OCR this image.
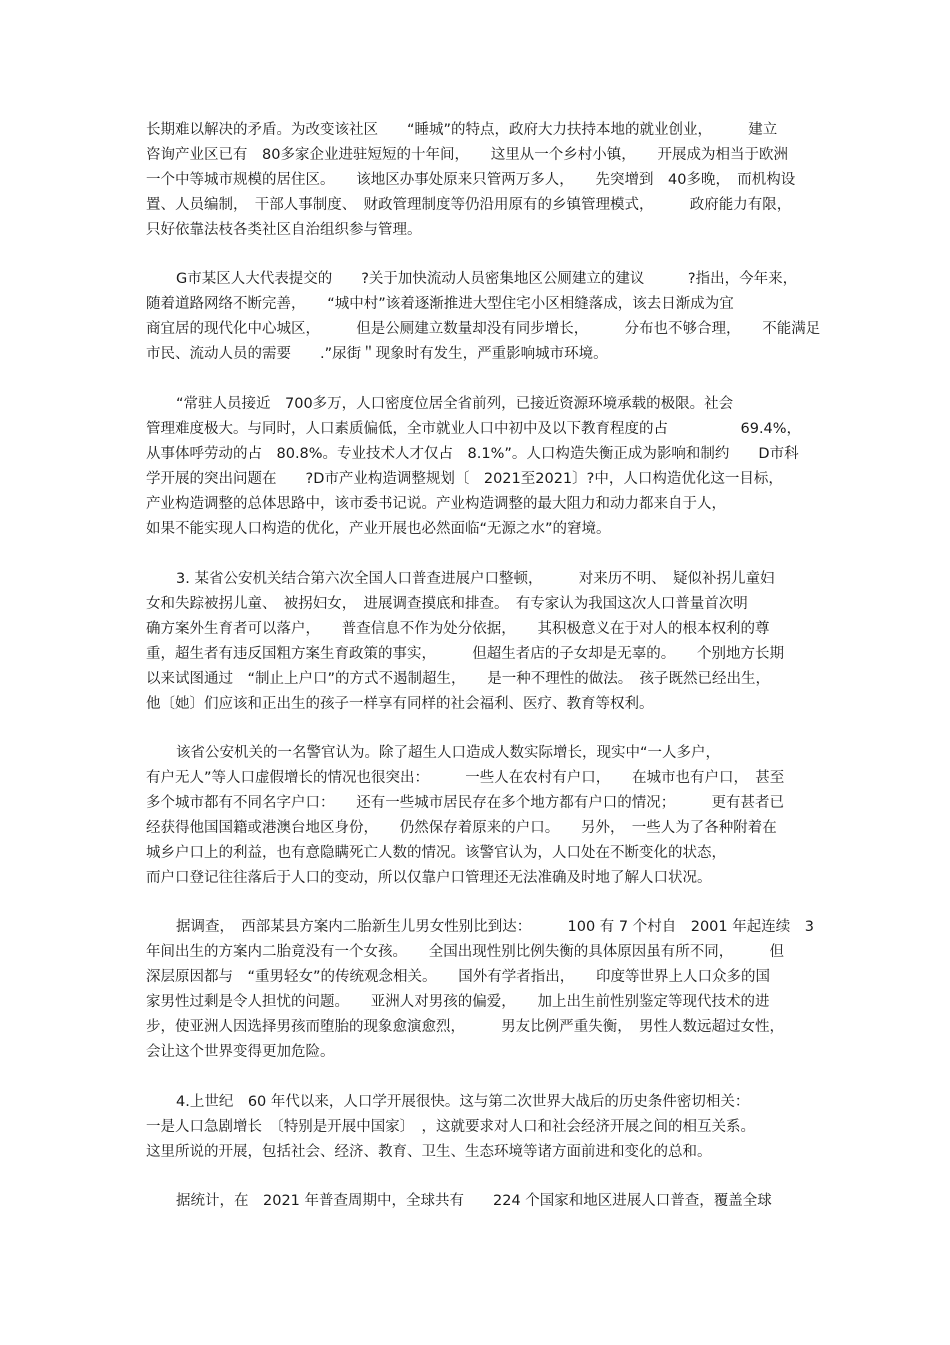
长期难以解决的矛盾。为改变该社区　　“睡城”的特点，政府大力扶持本地的就业创业，　　　建立
咨询产业区已有　80多家企业进驻短短的十年间，　　这里从一个乡村小镇，　　开展成为相当于欧洲
一个中等城市规模的居住区。　　该地区办事处原来只管两万多人，　　先突增到　40多晚，　而机构设
置、人员编制，　干部人事制度、　财政管理制度等仍沿用原有的乡镇管理模式，　　　政府能力有限，
只好依靠法枝各类社区自治组织参与管理。
G市某区人大代表提交的　　?关于加快流动人员密集地区公厕建立的建议　　　?指出，今年来，
随着道路网络不断完善，　　“城中村”该着逐渐推进大型住宅小区相缝落成，该去日渐成为宜
商宜居的现代化中心城区，　　　但是公厕建立数量却没有同步增长，　　　分布也不够合理，　　不能满足
市民、流动人员的需要　　.”尿街＂现象时有发生，严重影响城市环境。
“常驻人员接近　700多万，人口密度位居全省前列，已接近资源环境承载的极限。社会
管理难度极大。与同时，人口素质偏低，全市就业人口中初中及以下教育程度的占　　　　　69.4%，
从事体呼劳动的占　80.8%。专业技术人才仅占　8.1%”。人口构造失衡正成为影响和制约　　D市科
学开展的突出问题在　　?D市产业构造调整规划〔　2021至2021〕?中，人口构造优化这一目标，
产业构造调整的总体思路中，该市委书记说。产业构造调整的最大阻力和动力都来自于人，
如果不能实现人口构造的优化，产业开展也必然面临“无源之水”的窘境。
3. 某省公安机关结合第六次全国人口普查进展户口整顿，　　　对来历不明、　疑似补拐儿童妇
女和失踪被拐儿童、　被拐妇女，　进展调查摸底和排查。　有专家认为我国这次人口普量首次明
确方案外生育者可以落户，　　普查信息不作为处分依据，　　其积极意义在于对人的根本权利的尊
重，超生者有违反国粗方案生育政策的事实，　　　但超生者店的子女却是无辜的。　　个别地方长期
以来试图通过　“制止上户口”的方式不遏制超生，　　是一种不理性的做法。　孩子既然已经出生，
他〔她〕们应该和正出生的孩子一样享有同样的社会福利、医疗、教育等权利。
该省公安机关的一名警官认为。除了超生人口造成人数实际增长，现实中“一人多户，
有户无人”等人口虚假增长的情况也很突出：　　　一些人在农村有户口，　　在城市也有户口，　甚至
多个城市都有不同名字户口：　　还有一些城市居民存在多个地方都有户口的情况；　　　更有甚者已
经获得他国国籍或港澳台地区身份，　　仍然保存着原来的户口。　　另外，　一些人为了各种附着在
城乡户口上的利益，也有意隐瞒死亡人数的情况。该警官认为，人口处在不断变化的状态，
而户口登记往往落后于人口的变动，所以仅靠户口管理还无法准确及时地了解人口状况。
据调查，　西部某县方案内二胎新生儿男女性别比到达：　　　100 有 7 个村自　2001 年起连续　3
年间出生的方案内二胎竟没有一个女孩。　　全国出现性别比例失衡的具体原因虽有所不同，　　　但
深层原因都与　“重男轻女”的传统观念相关。　　国外有学者指出，　　印度等世界上人口众多的国
家男性过剩是令人担忧的问题。　　亚洲人对男孩的偏爱，　　加上出生前性别鉴定等现代技术的进
步，使亚洲人因选择男孩而堕胎的现象愈演愈烈，　　　男友比例严重失衡，　男性人数远超过女性，
会让这个世界变得更加危险。
4.上世纪　60 年代以来，人口学开展很快。这与第二次世界大战后的历史条件密切相关：
一是人口急剧增长　〔特别是开展中国家〕　，这就要求对人口和社会经济开展之间的相互关系。
这里所说的开展，包括社会、经济、教育、卫生、生态环境等诸方面前进和变化的总和。
据统计，在　2021 年普查周期中，全球共有　　224 个国家和地区进展人口普查，覆盖全球
